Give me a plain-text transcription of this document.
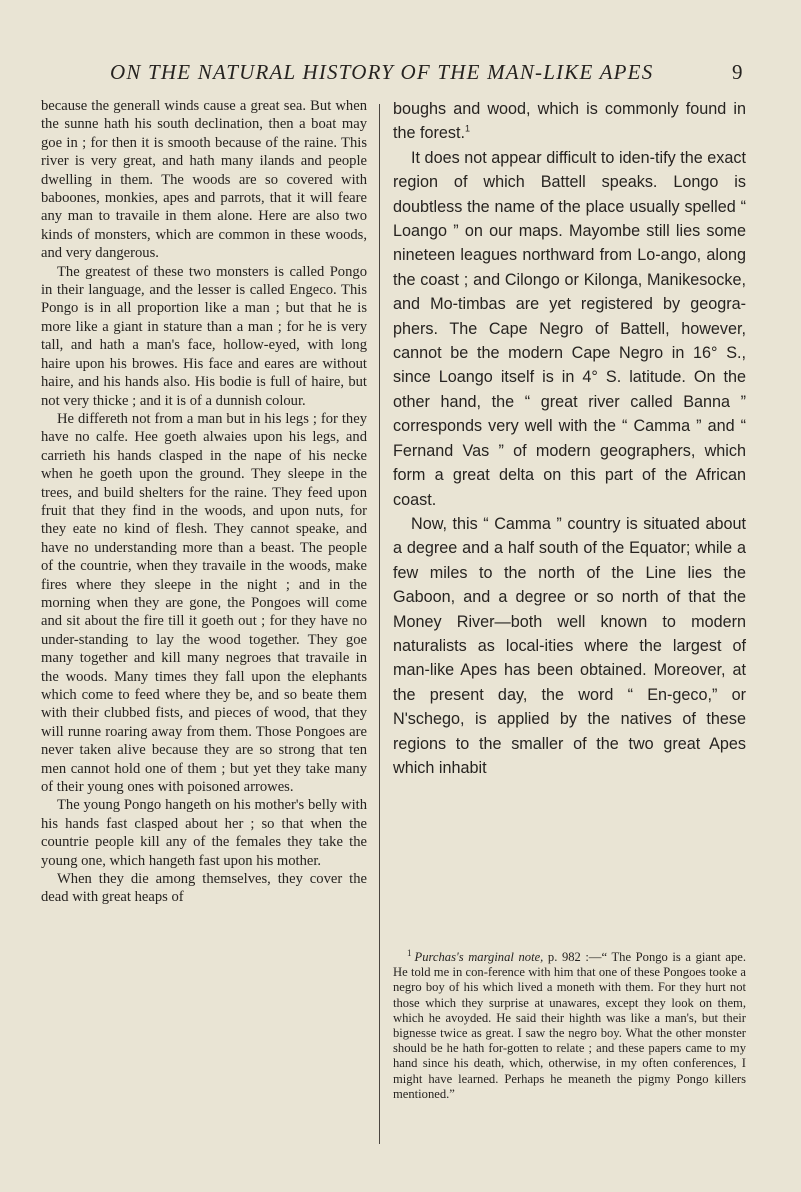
ON THE NATURAL HISTORY OF THE MAN-LIKE APES	9

because the generall winds cause a great sea. But when the sunne hath his south declination, then a boat may goe in ; for then it is smooth because of the raine. This river is very great, and hath many ilands and people dwelling in them. The woods are so covered with baboones, monkies, apes and parrots, that it will feare any man to travaile in them alone. Here are also two kinds of monsters, which are common in these woods, and very dangerous.

The greatest of these two monsters is called Pongo in their language, and the lesser is called Engeco. This Pongo is in all proportion like a man ; but that he is more like a giant in stature than a man ; for he is very tall, and hath a man's face, hollow-eyed, with long haire upon his browes. His face and eares are without haire, and his hands also. His bodie is full of haire, but not very thicke ; and it is of a dunnish colour.

He differeth not from a man but in his legs ; for they have no calfe. Hee goeth alwaies upon his legs, and carrieth his hands clasped in the nape of his necke when he goeth upon the ground. They sleepe in the trees, and build shelters for the raine. They feed upon fruit that they find in the woods, and upon nuts, for they eate no kind of flesh. They cannot speake, and have no understanding more than a beast. The people of the countrie, when they travaile in the woods, make fires where they sleepe in the night ; and in the morning when they are gone, the Pongoes will come and sit about the fire till it goeth out ; for they have no under-standing to lay the wood together. They goe many together and kill many negroes that travaile in the woods. Many times they fall upon the elephants which come to feed where they be, and so beate them with their clubbed fists, and pieces of wood, that they will runne roaring away from them. Those Pongoes are never taken alive because they are so strong that ten men cannot hold one of them ; but yet they take many of their young ones with poisoned arrowes.

The young Pongo hangeth on his mother's belly with his hands fast clasped about her ; so that when the countrie people kill any of the females they take the young one, which hangeth fast upon his mother.

When they die among themselves, they cover the dead with great heaps of

boughs and wood, which is commonly found in the forest.$^1$

It does not appear difficult to iden-tify the exact region of which Battell speaks. Longo is doubtless the name of the place usually spelled “ Loango ” on our maps. Mayombe still lies some nineteen leagues northward from Lo-ango, along the coast ; and Cilongo or Kilonga, Manikesocke, and Mo-timbas are yet registered by geogra-phers. The Cape Negro of Battell, however, cannot be the modern Cape Negro in 16° S., since Loango itself is in 4° S. latitude. On the other hand, the “ great river called Banna ” corresponds very well with the “ Camma ” and “ Fernand Vas ” of modern geographers, which form a great delta on this part of the African coast.

Now, this “ Camma ” country is situated about a degree and a half south of the Equator; while a few miles to the north of the Line lies the Gaboon, and a degree or so north of that the Money River—both well known to modern naturalists as local-ities where the largest of man-like Apes has been obtained. Moreover, at the present day, the word “ En-geco,” or N'schego, is applied by the natives of these regions to the smaller of the two great Apes which inhabit

$^1$ Purchas's marginal note, p. 982 :—“ The Pongo is a giant ape. He told me in con-ference with him that one of these Pongoes tooke a negro boy of his which lived a moneth with them. For they hurt not those which they surprise at unawares, except they look on them, which he avoyded. He said their highth was like a man's, but their bignesse twice as great. I saw the negro boy. What the other monster should be he hath for-gotten to relate ; and these papers came to my hand since his death, which, otherwise, in my often conferences, I might have learned. Perhaps he meaneth the pigmy Pongo killers mentioned.”
